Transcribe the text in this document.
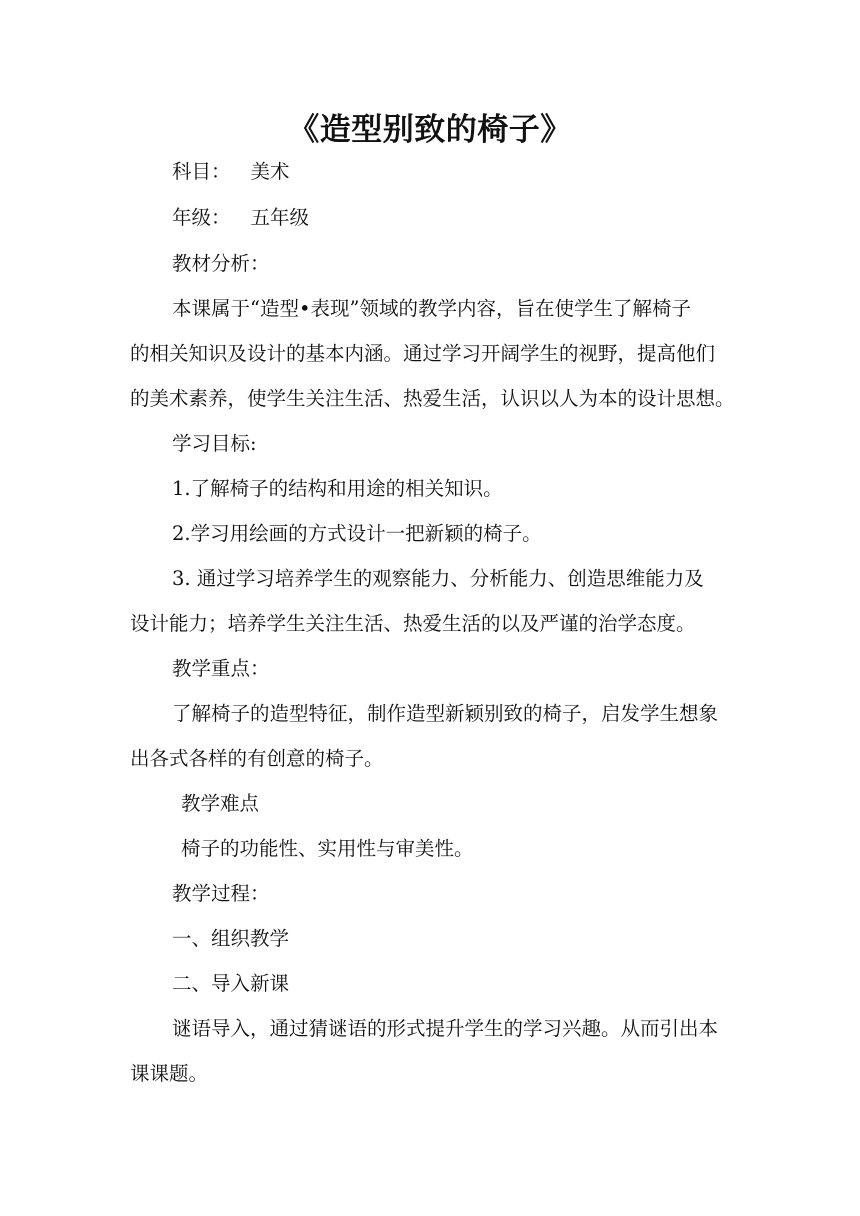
《造型别致的椅子》
科目： 美术
年级： 五年级
教材分析：
本课属于“造型•表现”领域的教学内容，旨在使学生了解椅子
的相关知识及设计的基本内涵。通过学习开阔学生的视野，提高他们
的美术素养，使学生关注生活、热爱生活，认识以人为本的设计思想。
学习目标:
1.了解椅子的结构和用途的相关知识。
2.学习用绘画的方式设计一把新颖的椅子。
3. 通过学习培养学生的观察能力、分析能力、创造思维能力及
设计能力；培养学生关注生活、热爱生活的以及严谨的治学态度。
教学重点：
了解椅子的造型特征，制作造型新颖别致的椅子，启发学生想象
出各式各样的有创意的椅子。
教学难点
椅子的功能性、实用性与审美性。
教学过程：
一、组织教学
二、导入新课
谜语导入，通过猜谜语的形式提升学生的学习兴趣。从而引出本
课课题。
